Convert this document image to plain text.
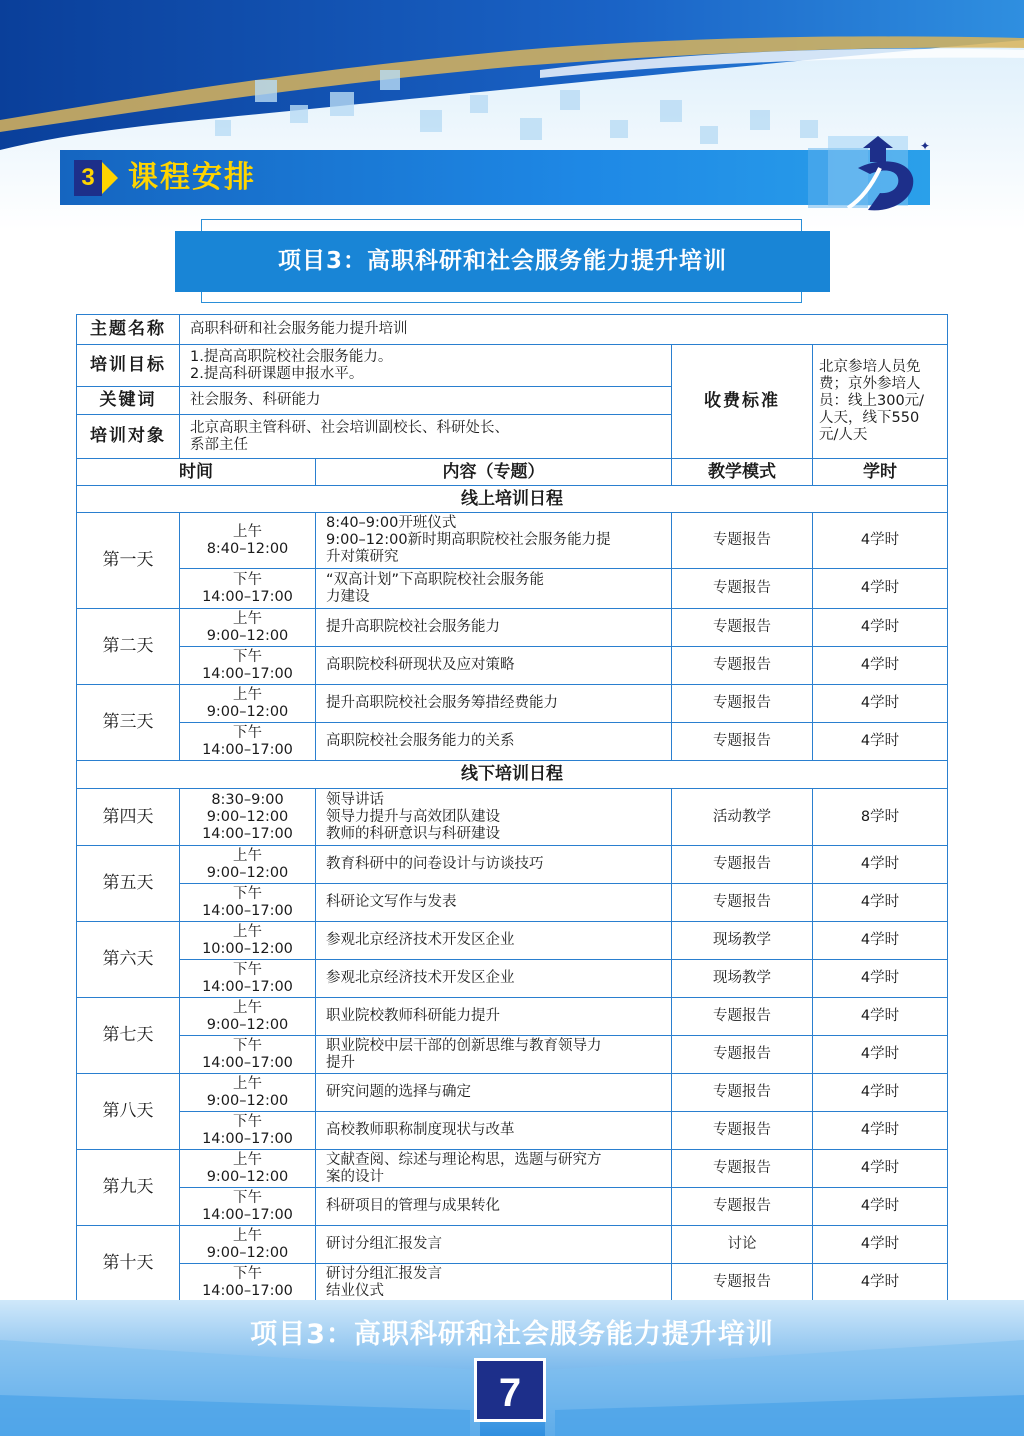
3 课程安排
✦
项目3：高职科研和社会服务能力提升培训
主题名称	高职科研和社会服务能力提升培训			
培训目标	1.提高高职院校社会服务能力。
2.提高科研课题申报水平。		收费标准	北京参培人员免
费；京外参培人
员：线上300元/
人天，线下550
元/人天
关键词	社会服务、科研能力			
培训对象	北京高职主管科研、社会培训副校长、科研处长、
系部主任			
时间		内容（专题）	教学模式	学时
线上培训日程				
第一天	上午
8:40–12:00	8:40–9:00开班仪式
9:00–12:00新时期高职院校社会服务能力提
升对策研究	专题报告	4学时
	下午
14:00–17:00	“双高计划”下高职院校社会服务能
力建设	专题报告	4学时
第二天	上午
9:00–12:00	提升高职院校社会服务能力	专题报告	4学时
	下午
14:00–17:00	高职院校科研现状及应对策略	专题报告	4学时
第三天	上午
9:00–12:00	提升高职院校社会服务筹措经费能力	专题报告	4学时
	下午
14:00–17:00	高职院校社会服务能力的关系	专题报告	4学时
线下培训日程				
第四天	8:30–9:00
9:00–12:00
14:00–17:00	领导讲话
领导力提升与高效团队建设
教师的科研意识与科研建设	活动教学	8学时
第五天	上午
9:00–12:00	教育科研中的问卷设计与访谈技巧	专题报告	4学时
	下午
14:00–17:00	科研论文写作与发表	专题报告	4学时
第六天	上午
10:00–12:00	参观北京经济技术开发区企业	现场教学	4学时
	下午
14:00–17:00	参观北京经济技术开发区企业	现场教学	4学时
第七天	上午
9:00–12:00	职业院校教师科研能力提升	专题报告	4学时
	下午
14:00–17:00	职业院校中层干部的创新思维与教育领导力
提升	专题报告	4学时
第八天	上午
9:00–12:00	研究问题的选择与确定	专题报告	4学时
	下午
14:00–17:00	高校教师职称制度现状与改革	专题报告	4学时
第九天	上午
9:00–12:00	文献查阅、综述与理论构思，选题与研究方
案的设计	专题报告	4学时
	下午
14:00–17:00	科研项目的管理与成果转化	专题报告	4学时
第十天	上午
9:00–12:00	研讨分组汇报发言	讨论	4学时
	下午
14:00–17:00	研讨分组汇报发言
结业仪式	专题报告	4学时
项目3：高职科研和社会服务能力提升培训
7
